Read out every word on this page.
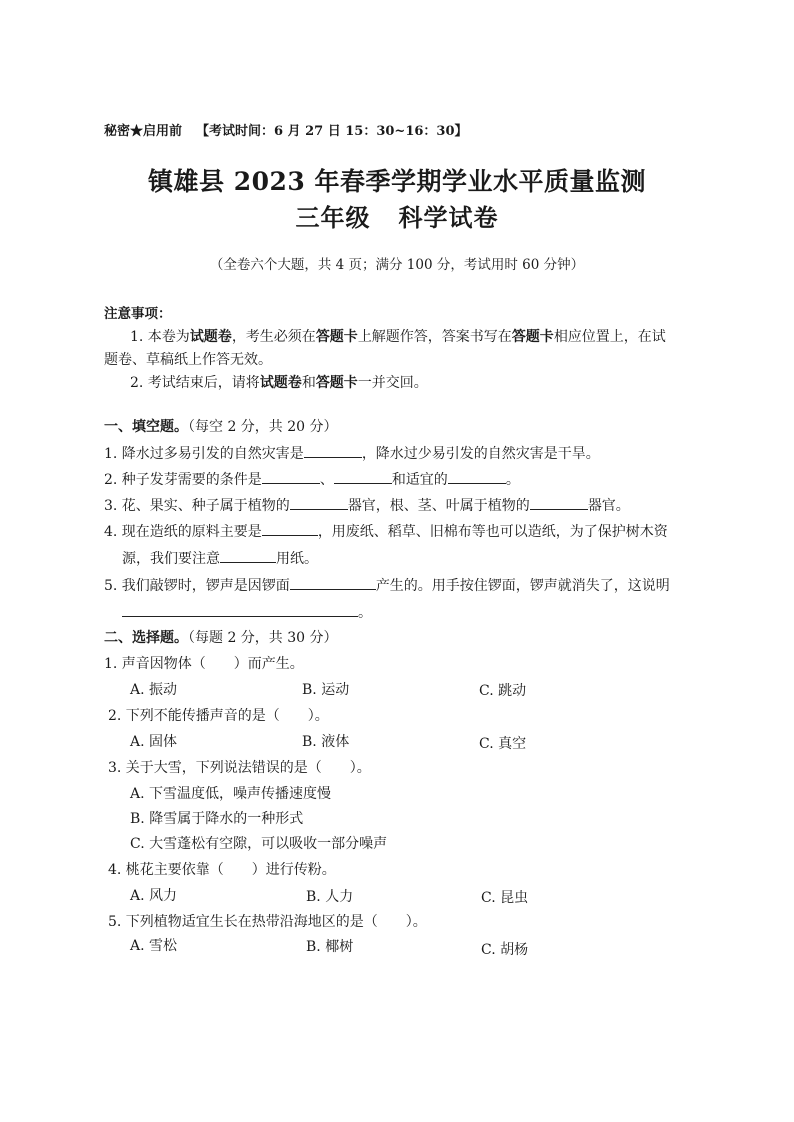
秘密★启用前 【考试时间：6 月 27 日 15：30~16：30】
镇雄县 2023 年春季学期学业水平质量监测
三年级 科学试卷
（全卷六个大题，共 4 页；满分 100 分，考试用时 60 分钟）
注意事项：
1. 本卷为试题卷，考生必须在答题卡上解题作答，答案书写在答题卡相应位置上，在试
题卷、草稿纸上作答无效。
2. 考试结束后，请将试题卷和答题卡一并交回。
一、填空题。（每空 2 分，共 20 分）
1. 降水过多易引发的自然灾害是	，降水过少易引发的自然灾害是干旱。
2. 种子发芽需要的条件是	、	和适宜的	。
3. 花、果实、种子属于植物的	器官，根、茎、叶属于植物的	器官。
4. 现在造纸的原料主要是	，用废纸、稻草、旧棉布等也可以造纸，为了保护树木资
源，我们要注意	用纸。
5. 我们敲锣时，锣声是因锣面	产生的。用手按住锣面，锣声就消失了，这说明
。
二、选择题。（每题 2 分，共 30 分）
1. 声音因物体（　　）而产生。
A. 振动	B. 运动	C. 跳动
2. 下列不能传播声音的是（　　）。
A. 固体	B. 液体	C. 真空
3. 关于大雪，下列说法错误的是（　　）。
A. 下雪温度低，噪声传播速度慢
B. 降雪属于降水的一种形式
C. 大雪蓬松有空隙，可以吸收一部分噪声
4. 桃花主要依靠（　　）进行传粉。
A. 风力	B. 人力	C. 昆虫
5. 下列植物适宜生长在热带沿海地区的是（　　）。
A. 雪松	B. 椰树	C. 胡杨
